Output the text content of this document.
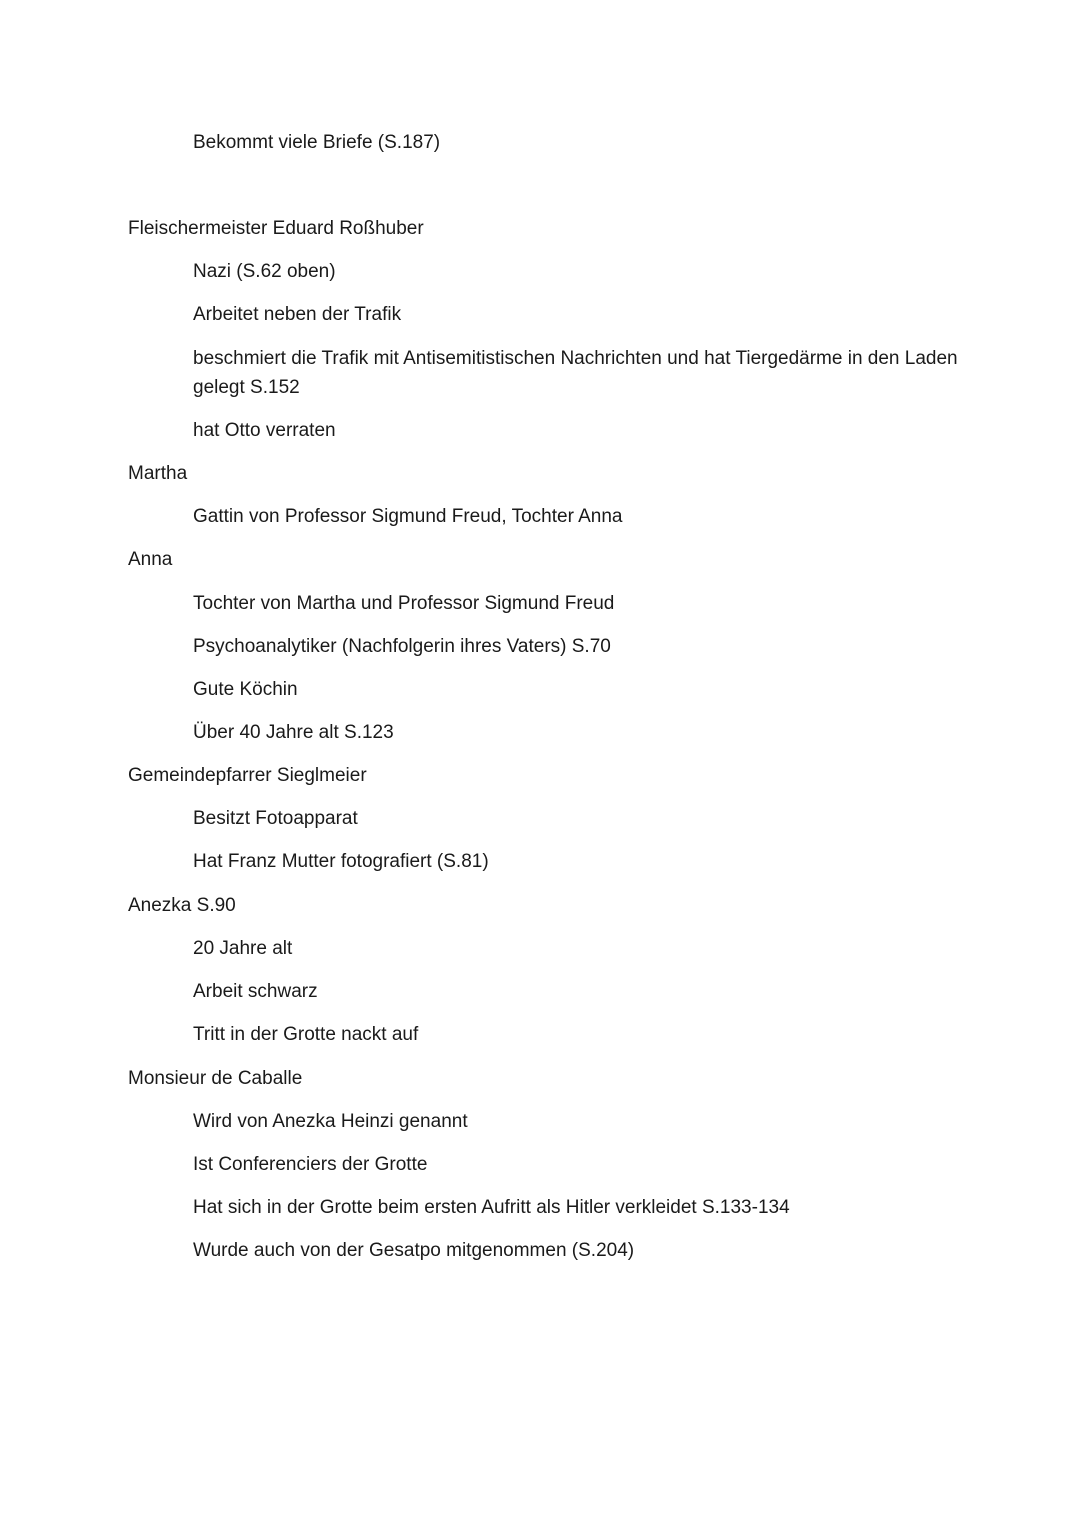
Bekommt viele Briefe (S.187)
Fleischermeister Eduard Roßhuber
Nazi (S.62 oben)
Arbeitet neben der Trafik
beschmiert die Trafik mit Antisemitistischen Nachrichten und hat Tiergedärme in den Laden gelegt S.152
hat Otto verraten
Martha
Gattin von Professor Sigmund Freud, Tochter Anna
Anna
Tochter von Martha und Professor Sigmund Freud
Psychoanalytiker (Nachfolgerin ihres Vaters) S.70
Gute Köchin
Über 40 Jahre alt S.123
Gemeindepfarrer Sieglmeier
Besitzt Fotoapparat
Hat Franz Mutter fotografiert (S.81)
Anezka S.90
20 Jahre alt
Arbeit schwarz
Tritt in der Grotte nackt auf
Monsieur de Caballe
Wird von Anezka Heinzi genannt
Ist Conferenciers der Grotte
Hat sich in der Grotte beim ersten Aufritt als Hitler verkleidet S.133-134
Wurde auch von der Gesatpo mitgenommen (S.204)
